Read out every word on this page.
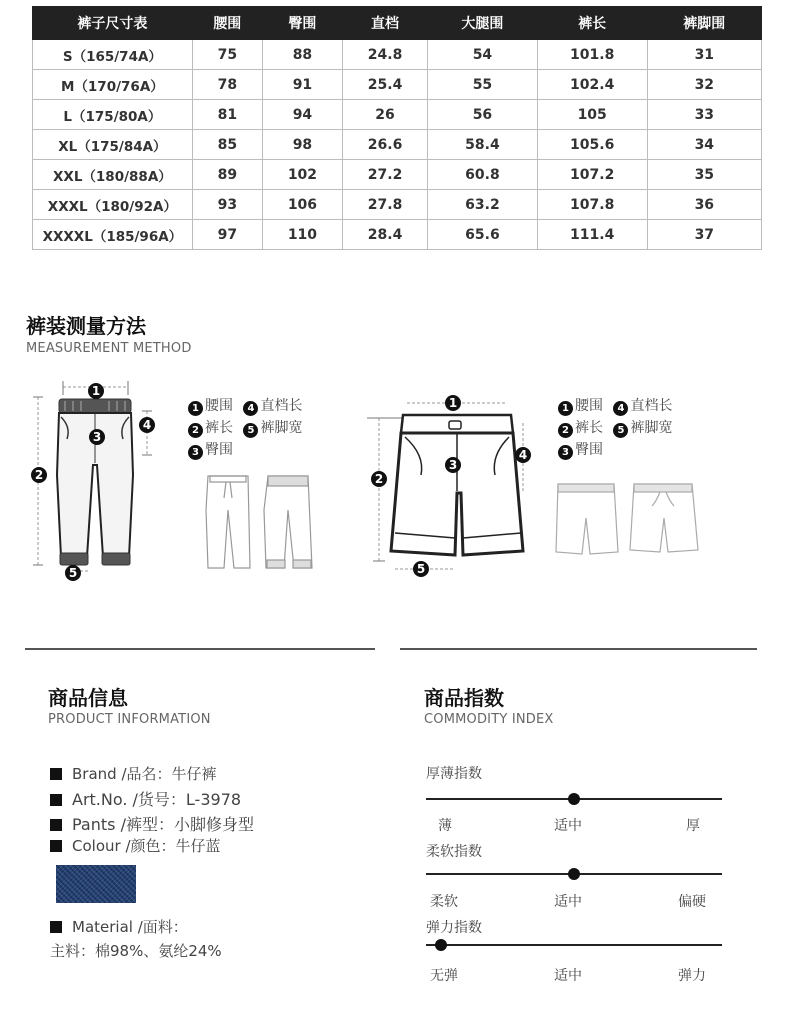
裤子尺寸表	腰围	臀围	直档	大腿围	裤长	裤脚围
S（165/74A）	75	88	24.8	54	101.8	31
M（170/76A）	78	91	25.4	55	102.4	32
L（175/80A）	81	94	26	56	105	33
XL（175/84A）	85	98	26.6	58.4	105.6	34
XXL（180/88A）	89	102	27.2	60.8	107.2	35
XXXL（180/92A）	93	106	27.8	63.2	107.8	36
XXXXL（185/96A）	97	110	28.4	65.6	111.4	37
裤装测量方法
MEASUREMENT METHOD
1
3
4
2
5
1 腰围 4 直档长
2 裤长 5 裤脚宽
3 臀围
1
3
4
2
5
1 腰围 4 直档长
2 裤长 5 裤脚宽
3 臀围
商品信息
PRODUCT INFORMATION
Brand /品名：牛仔裤
Art.No. /货号：L-3978
Pants /裤型：小脚修身型
Colour /颜色：牛仔蓝
Material /面料：
主料：棉98%、氨纶24%
商品指数
COMMODITY INDEX
厚薄指数
薄	适中	厚
柔软指数
柔软	适中	偏硬
弹力指数
无弹	适中	弹力
